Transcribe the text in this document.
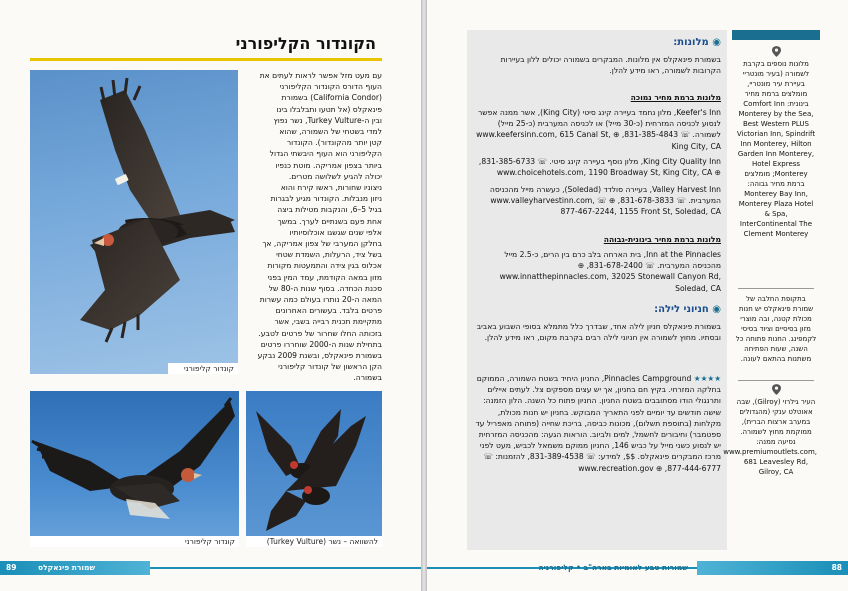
הקונדור הקליפורני
קונדור קליפורני
עם מעט מזל אפשר לראות לעתים את
העוף הדורס הקונדור הקליפורני
(California Condor) בשמורת
פינאקלס (אל תטעו ותבלבלו בינו
ובין ה-Turkey Vulture, נשר נפוץ
למדי בשטחי של השמורה, שהוא
קטן יותר מהקונדור). הקונדור
הקליפורני הוא העוף היבשתי הגדול
ביותר בצפון אמריקה. מוטת כנפיו
יכולה להגיע לשלושה מטרים.
ניצוניו שחורות, ראשו קירח והוא
ניזון מנבלות. הקונדור מגיע לבגרות
בגיל 5–6, והנקבות מטילות ביצה
אחת פעם בשנתיים לערך. במשך
אלפי שנים שגשגו אוכלוסיותיו
בחלקן המערבי של צפון אמריקה, אך
בשל ציד, הרעלות, השמדת שטחי
אכלוס בגין צידה והתמעטות מקורות
מזון במאה הקודמת, עמד המין בפני
סכנת הכחדה. בסוף שנות ה-80 של
המאה ה-20 נותרו בעולם כמה עשרות
פרטים בלבד. בעשורים האחרונים
מתקיימת תכנית רבייה בשבי, אשר
בזכותה החלו שחרור של פרטים לטבע.
בתחילת שנות ה-2000 שוחררו פרטים
בשמורת פינאקלס, ובשנת 2009 נבקע
הקן הראשון של קונדור קליפורני
בשמורה.
קונדור קליפורני	להשוואה – נשר (Turkey Vulture)
89	שמורת פינאקלס

◉ מלונות:

בשמורת פינאקלס אין מלונות. המבקרים בשמורה יכולים ללון בעיירות הקרובות לשמורה, ראו מידע להלן.

מלונות ברמת מחיר נמוכה

Keefer's Inn, מלון נחמד בעיירה קינג סיטי (King City), אשר ממנה אפשר לנסוע לכניסה המזרחית (כ-30 מייל) או לכניסה המערבית (כ-25 מייל) לשמורה. ☏ 831-385-4843, ⊕ www.keefersinn.com, 615 Canal St, King City, CA

King City Quality Inn, מלון נוסף בעיירה קינג סיטי. ☏ 831-385-6733, ⊕ www.choicehotels.com, 1190 Broadway St, King City, CA

Valley Harvest Inn, בעיירה סולדד (Soledad), כעשרה מייל מהכניסה המערבית. ☏ 831-678-3833, ⊕ www.valleyharvestinn.com, ☏ 877-467-2244, 1155 Front St, Soledad, CA

מלונות ברמת מחיר בינונית-גבוהה

Inn at the Pinnacles, בית הארחה בלב כרם בין הרים, כ-2.5 מייל מהכניסה המערבית. ☏ 831-678-2400, ⊕ www.innatthepinnacles.com, 32025 Stonewall Canyon Rd, Soledad, CA

◉ חניוני לילה:

בשמורת פינאקלס חניון לילה אחד, שבדרך כלל מתמלא בסופי השבוע באביב ובסתיו. מחוץ לשמורה אין חניוני לילה רבים בקרבת מקום, ראו מידע להלן.

★★★★ Pinnacles Campground, החניון היחיד בשטח השמורה, הממוקם בחלקה המזרחי. בקיץ חם בחניון, אך יש עצים מספקים צל. לעתים איילים ותרנגולי הודו מסתובבים בשטח החניון. החניון פתוח כל השנה. הלון הזמנה: שישה חודשים עד יומיים לפני התאריך המבוקש. בחניון יש חנות מכולת, מקלחות (בתוספת תשלום), מכונות כביסה, בריכת שחייה (פתוחה מאפריל עד ספטמבר) וחיבורים לחשמל, למים ולביוב. הוראות הגעה: מהכניסה המזרחית יש לנסוע כשני מייל על כביש 146, החניון ממוקם משמאל לכביש, מעט לפני מרכז המבקרים פינאקלס. $$, למידע: ☏ 831-389-4538, להזמנות: ☏ 877-444-6777, ⊕ www.recreation.gov

מלונות נוספים בקרבת לשמורה (בעיר מונטריי בעיירת עיר מונטריי, מומלצים ברמת מחיר בינונית: Comfort Inn Monterey by the Sea, Best Western PLUS Victorian Inn, Spindrift Inn Monterey, Hilton Garden Inn Monterey, Hotel Express Monterey; מומלצים ברמת מחיר גבוהה: Monterey Bay Inn, Monterey Plaza Hotel & Spa, InterContinental The Clement Monterey
בתקופת החלבה של שמורת פינאקלס יש חנות מכולת קטנה, ובה מוצרי מזון בסיסיים וציוד בסיסי לקמפינג. החנות פתוחה כל השנה, שעות הפתיחה משתנות בהתאם לעונה.
העיר גילרוי (Gilroy), שבה אאוטלט ענקי (מהגדולים במערב ארצות הברית), ממוקמת מחוץ לשמורה. נסיעה ממנה: www.premiumoutlets.com, 681 Leavesley Rd, Gilroy, CA
שמורות טבע לאומיות בארה"ב • קליפורניה	88
